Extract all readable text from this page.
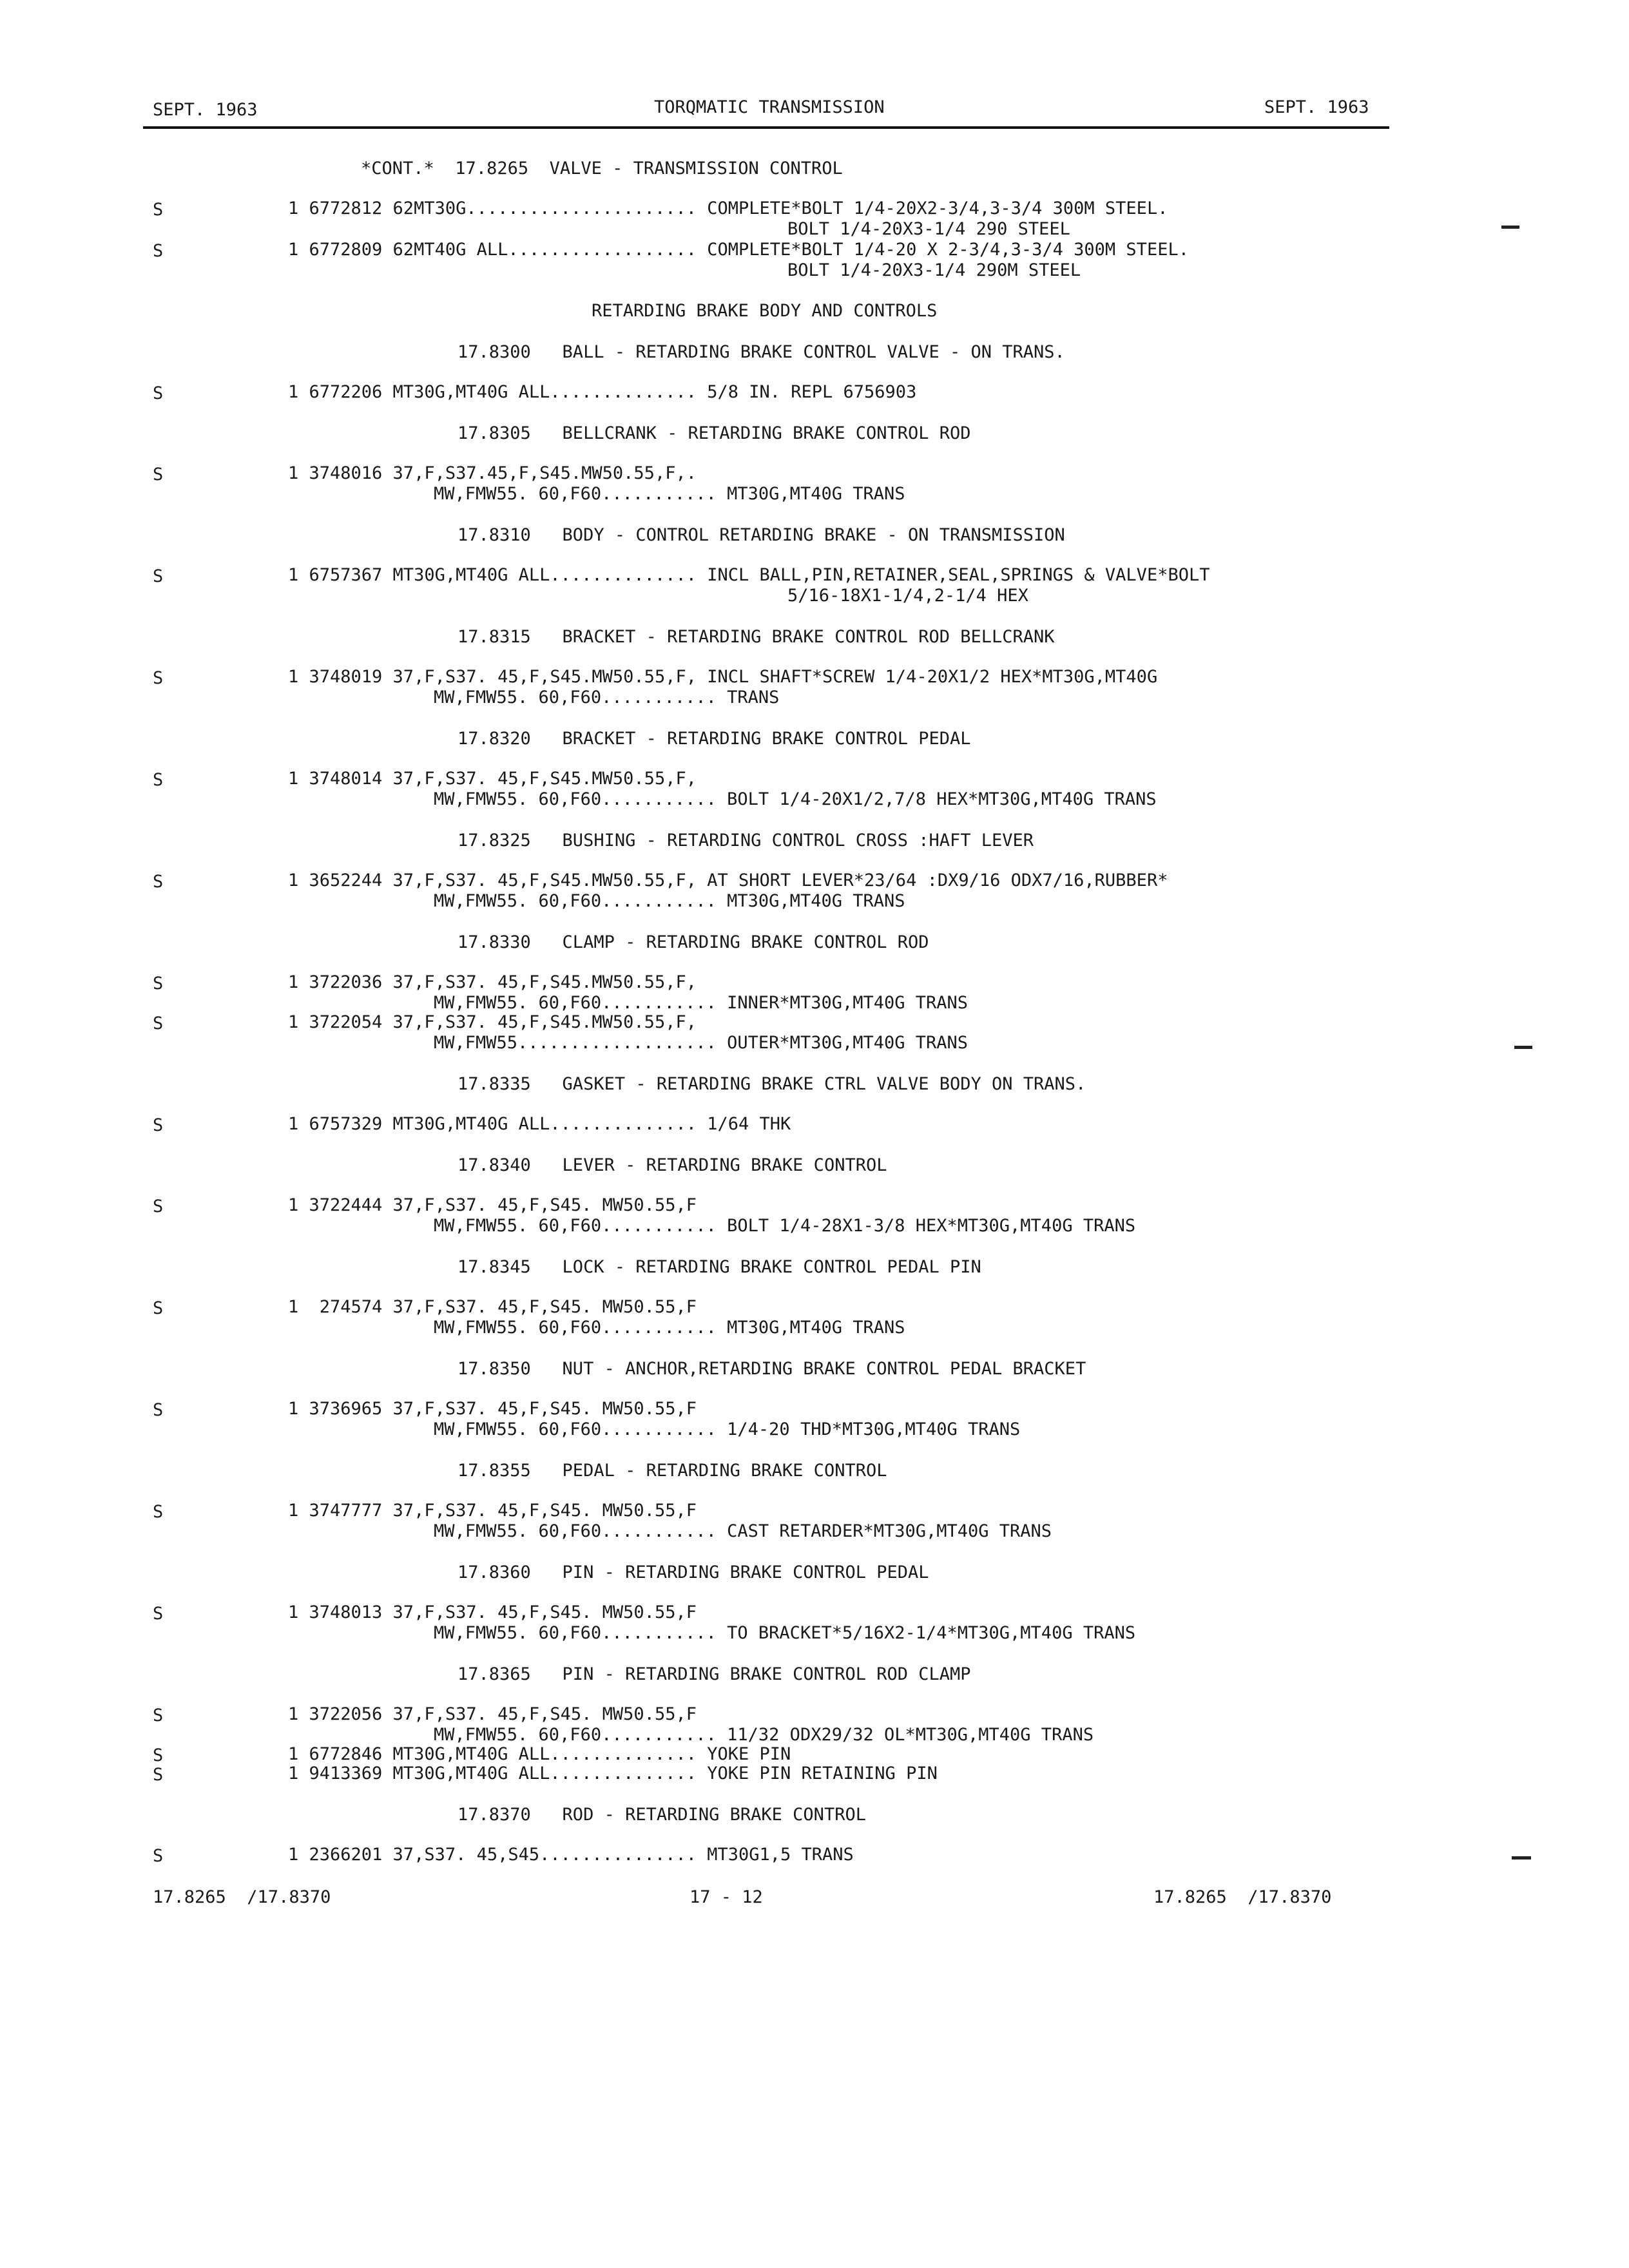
SEPT. 1963	TORQMATIC TRANSMISSION	SEPT. 1963
*CONT.*  17.8265  VALVE - TRANSMISSION CONTROL
S	1 6772812 62MT30G...................... COMPLETE*BOLT 1/4-20X2-3/4,3-3/4 300M STEEL.
BOLT 1/4-20X3-1/4 290 STEEL
S	1 6772809 62MT40G ALL.................. COMPLETE*BOLT 1/4-20 X 2-3/4,3-3/4 300M STEEL.
BOLT 1/4-20X3-1/4 290M STEEL
RETARDING BRAKE BODY AND CONTROLS
17.8300   BALL - RETARDING BRAKE CONTROL VALVE - ON TRANS.
S	1 6772206 MT30G,MT40G ALL.............. 5/8 IN. REPL 6756903
17.8305   BELLCRANK - RETARDING BRAKE CONTROL ROD
S	1 3748016 37,F,S37.45,F,S45.MW50.55,F,.
MW,FMW55. 60,F60........... MT30G,MT40G TRANS
17.8310   BODY - CONTROL RETARDING BRAKE - ON TRANSMISSION
S	1 6757367 MT30G,MT40G ALL.............. INCL BALL,PIN,RETAINER,SEAL,SPRINGS & VALVE*BOLT
5/16-18X1-1/4,2-1/4 HEX
17.8315   BRACKET - RETARDING BRAKE CONTROL ROD BELLCRANK
S	1 3748019 37,F,S37. 45,F,S45.MW50.55,F, INCL SHAFT*SCREW 1/4-20X1/2 HEX*MT30G,MT40G
MW,FMW55. 60,F60........... TRANS
17.8320   BRACKET - RETARDING BRAKE CONTROL PEDAL
S	1 3748014 37,F,S37. 45,F,S45.MW50.55,F,
MW,FMW55. 60,F60........... BOLT 1/4-20X1/2,7/8 HEX*MT30G,MT40G TRANS
17.8325   BUSHING - RETARDING CONTROL CROSS :HAFT LEVER
S	1 3652244 37,F,S37. 45,F,S45.MW50.55,F, AT SHORT LEVER*23/64 :DX9/16 ODX7/16,RUBBER*
MW,FMW55. 60,F60........... MT30G,MT40G TRANS
17.8330   CLAMP - RETARDING BRAKE CONTROL ROD
S	1 3722036 37,F,S37. 45,F,S45.MW50.55,F,
MW,FMW55. 60,F60........... INNER*MT30G,MT40G TRANS
S	1 3722054 37,F,S37. 45,F,S45.MW50.55,F,
MW,FMW55................... OUTER*MT30G,MT40G TRANS
17.8335   GASKET - RETARDING BRAKE CTRL VALVE BODY ON TRANS.
S	1 6757329 MT30G,MT40G ALL.............. 1/64 THK
17.8340   LEVER - RETARDING BRAKE CONTROL
S	1 3722444 37,F,S37. 45,F,S45. MW50.55,F
MW,FMW55. 60,F60........... BOLT 1/4-28X1-3/8 HEX*MT30G,MT40G TRANS
17.8345   LOCK - RETARDING BRAKE CONTROL PEDAL PIN
S	1  274574 37,F,S37. 45,F,S45. MW50.55,F
MW,FMW55. 60,F60........... MT30G,MT40G TRANS
17.8350   NUT - ANCHOR,RETARDING BRAKE CONTROL PEDAL BRACKET
S	1 3736965 37,F,S37. 45,F,S45. MW50.55,F
MW,FMW55. 60,F60........... 1/4-20 THD*MT30G,MT40G TRANS
17.8355   PEDAL - RETARDING BRAKE CONTROL
S	1 3747777 37,F,S37. 45,F,S45. MW50.55,F
MW,FMW55. 60,F60........... CAST RETARDER*MT30G,MT40G TRANS
17.8360   PIN - RETARDING BRAKE CONTROL PEDAL
S	1 3748013 37,F,S37. 45,F,S45. MW50.55,F
MW,FMW55. 60,F60........... TO BRACKET*5/16X2-1/4*MT30G,MT40G TRANS
17.8365   PIN - RETARDING BRAKE CONTROL ROD CLAMP
S	1 3722056 37,F,S37. 45,F,S45. MW50.55,F
MW,FMW55. 60,F60........... 11/32 ODX29/32 OL*MT30G,MT40G TRANS
S	1 6772846 MT30G,MT40G ALL.............. YOKE PIN
S	1 9413369 MT30G,MT40G ALL.............. YOKE PIN RETAINING PIN
17.8370   ROD - RETARDING BRAKE CONTROL
S	1 2366201 37,S37. 45,S45............... MT30G1,5 TRANS
17.8265  /17.8370	17 - 12	17.8265  /17.8370
